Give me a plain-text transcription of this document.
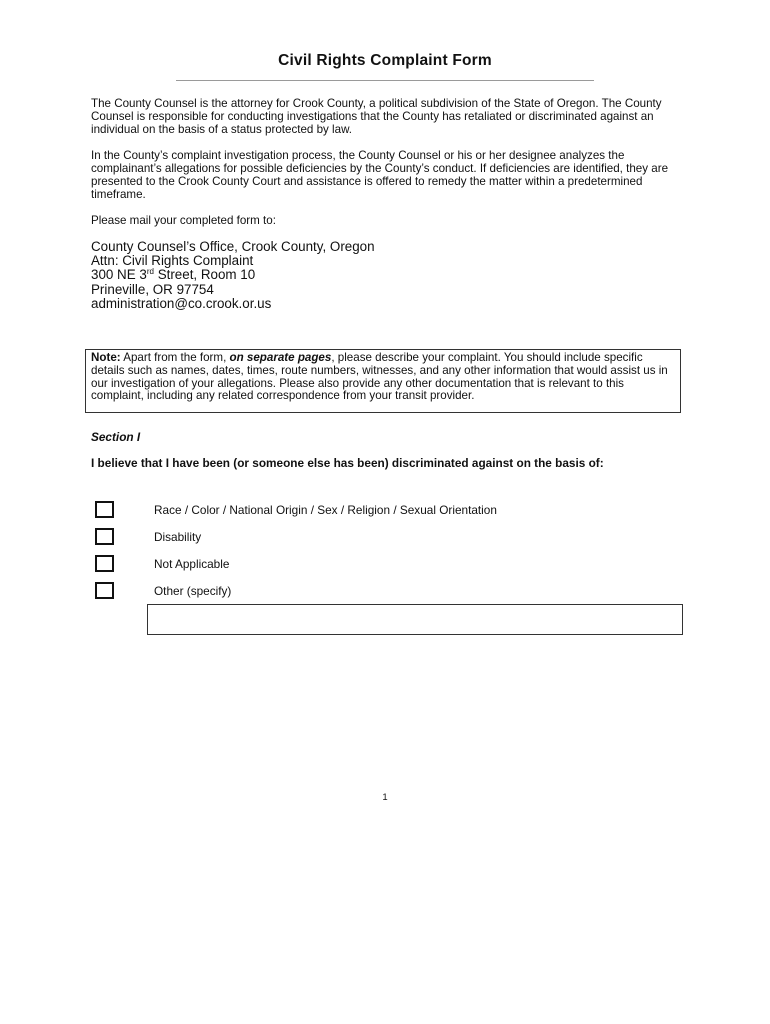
Civil Rights Complaint Form

The County Counsel is the attorney for Crook County, a political subdivision of the State of Oregon. The County Counsel is responsible for conducting investigations that the County has retaliated or discriminated against an individual on the basis of a status protected by law.

In the County’s complaint investigation process, the County Counsel or his or her designee analyzes the complainant’s allegations for possible deficiencies by the County’s conduct. If deficiencies are identified, they are presented to the Crook County Court and assistance is offered to remedy the matter within a predetermined timeframe.

Please mail your completed form to:

County Counsel’s Office, Crook County, Oregon
Attn: Civil Rights Complaint
300 NE 3rd Street, Room 10
Prineville, OR 97754
administration@co.crook.or.us
Note: Apart from the form, on separate pages, please describe your complaint. You should include specific details such as names, dates, times, route numbers, witnesses, and any other information that would assist us in our investigation of your allegations. Please also provide any other documentation that is relevant to this complaint, including any related correspondence from your transit provider.
Section I
I believe that I have been (or someone else has been) discriminated against on the basis of:
Race / Color / National Origin / Sex / Religion / Sexual Orientation
Disability
Not Applicable
Other (specify)
1
